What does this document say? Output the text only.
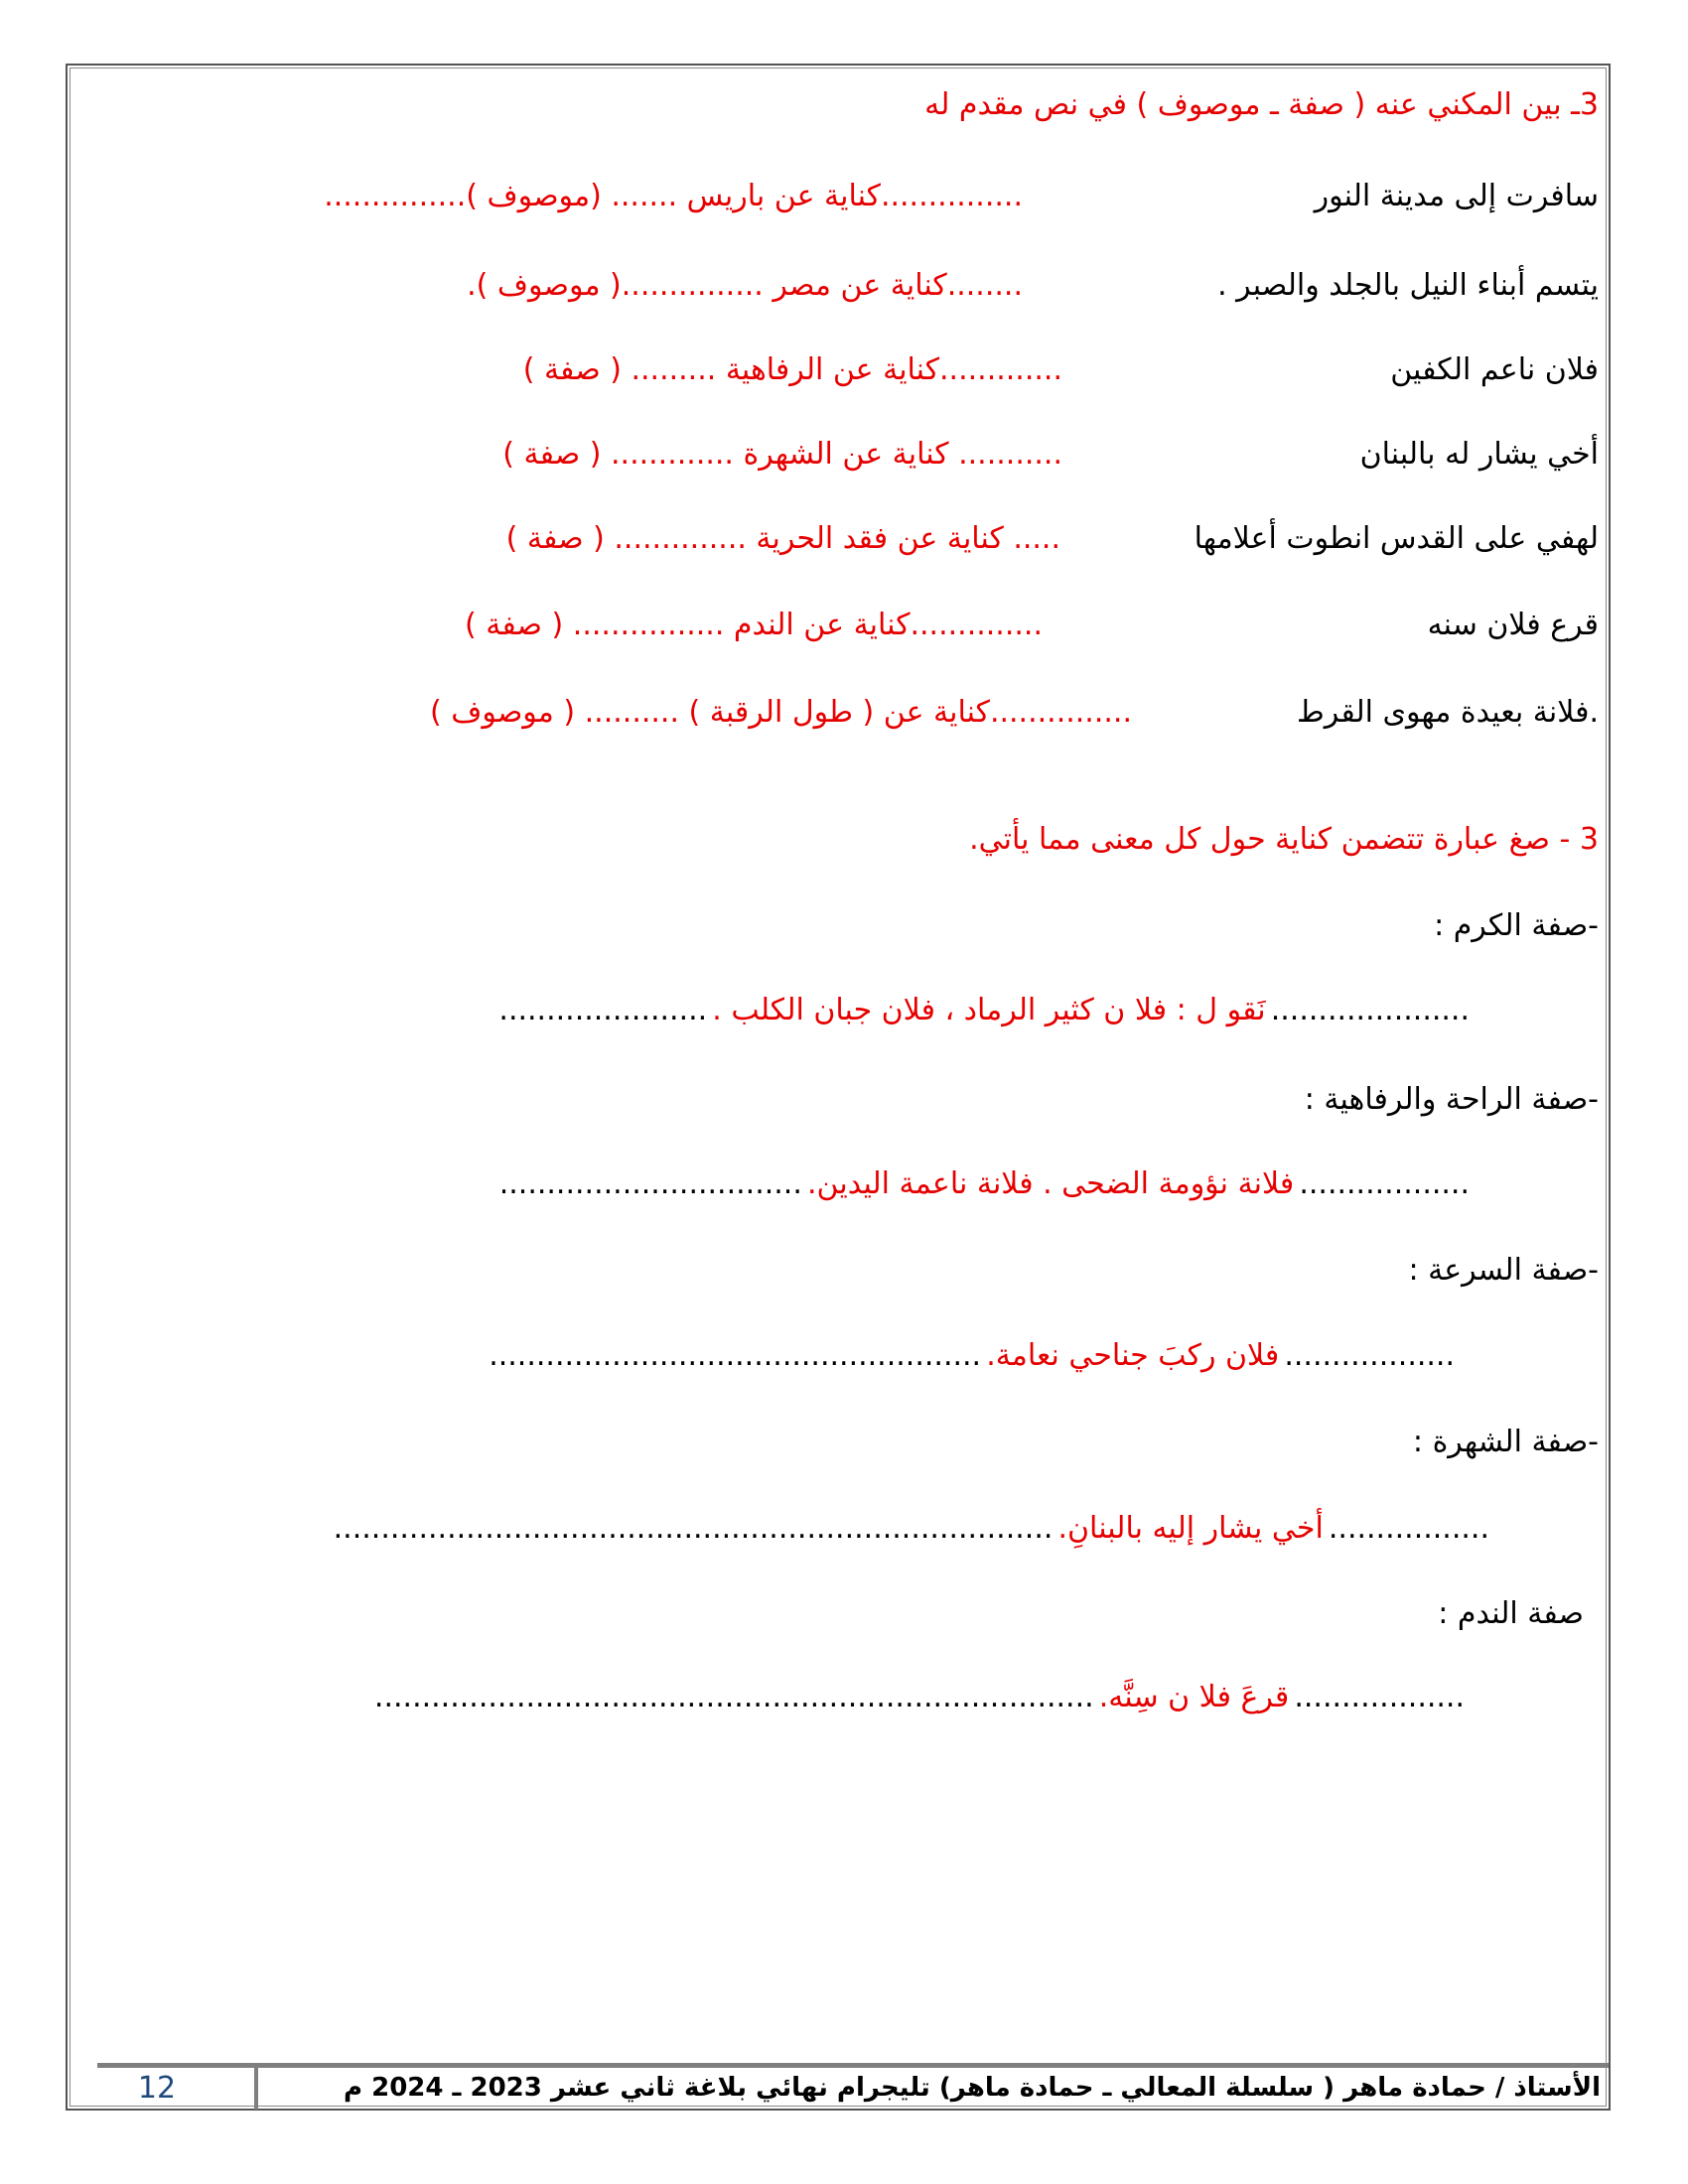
3ـ بين المكني عنه ( صفة ـ موصوف ) في نص مقدم له
سافرت إلى مدينة النور
...............كناية عن باريس ....... (موصوف )...............
يتسم أبناء النيل بالجلد والصبر .
........كناية عن مصر ...............( موصوف ).
فلان ناعم الكفين
.............كناية عن الرفاهية ......... ( صفة )
أخي يشار له بالبنان
........... كناية عن الشهرة ............. ( صفة )
لهفي على القدس انطوت أعلامها
..... كناية عن فقد الحرية .............. ( صفة )
قرع فلان سنه
..............كناية عن الندم ................ ( صفة )
.فلانة بعيدة مهوى القرط
...............كناية عن ( طول الرقبة ) .......... ( موصوف )
3 - صغ عبارة تتضمن كناية حول كل معنى مما يأتي.
-صفة الكرم :
..................... نَقو ل : فلا ن كثير الرماد ، فلان جبان الكلب . ......................
-صفة الراحة والرفاهية :
.................. فلانة نؤومة الضحى . فلانة ناعمة اليدين. ................................
-صفة السرعة :
.................. فلان ركبَ جناحي نعامة. ....................................................
-صفة الشهرة :
................. أخي يشار إليه بالبنانِ. ............................................................................
صفة الندم :
.................. قرعَ فلا ن سِنَّه. ............................................................................
الأستاذ / حمادة ماهر ( سلسلة المعالي ـ حمادة ماهر) تليجرام نهائي بلاغة ثاني عشر 2023 ـ 2024 م
12
